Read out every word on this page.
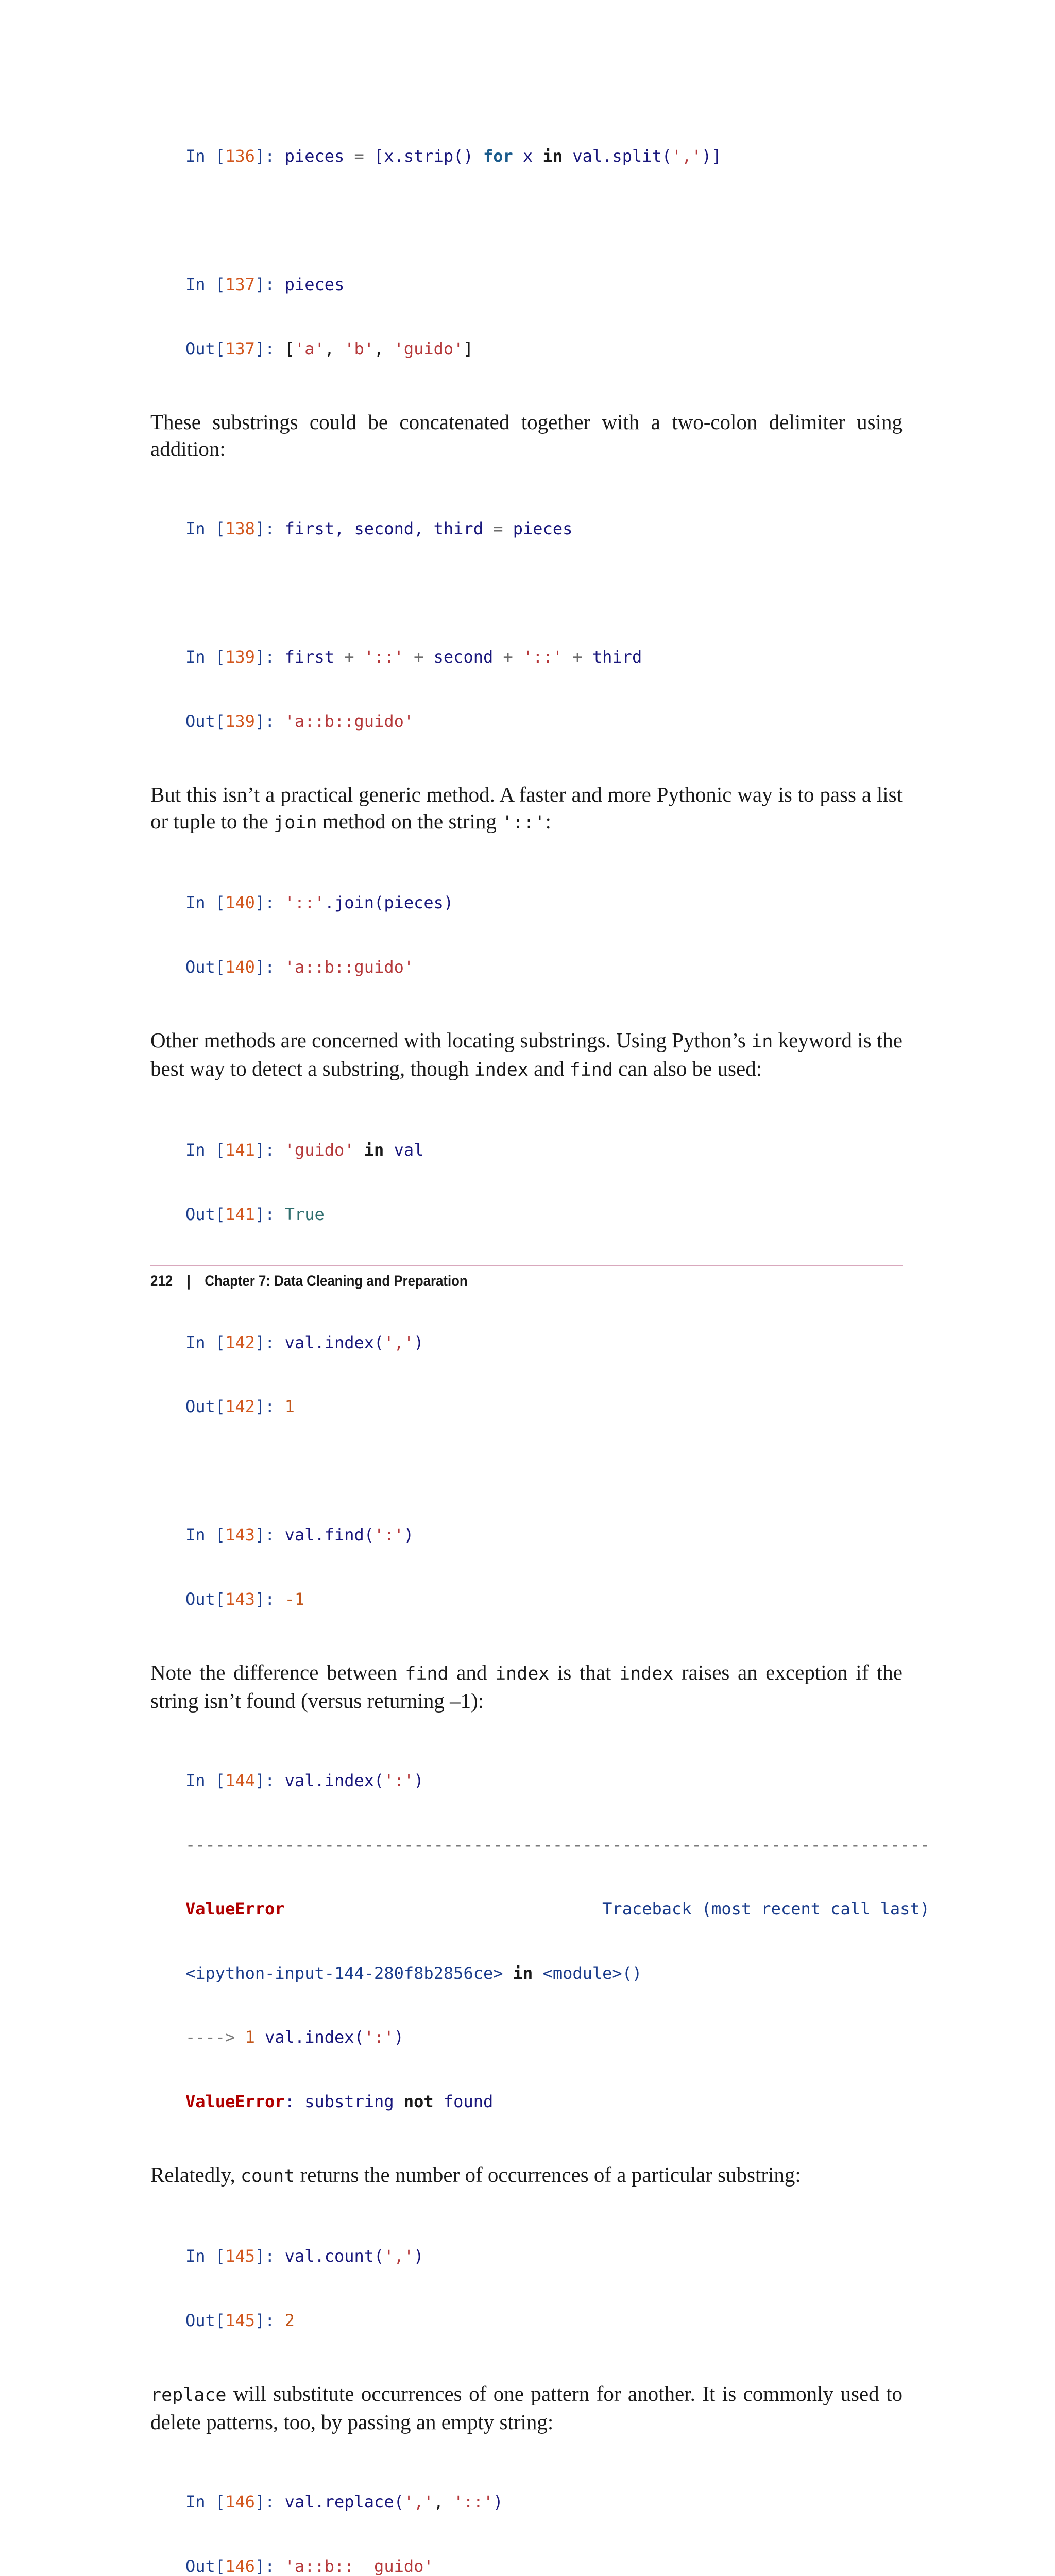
In [136]: pieces = [x.strip() for x in val.split(',')]

In [137]: pieces

Out[137]: ['a', 'b', 'guido']

These substrings could be concatenated together with a two-colon delimiter using addition:

In [138]: first, second, third = pieces

In [139]: first + '::' + second + '::' + third

Out[139]: 'a::b::guido'

But this isn’t a practical generic method. A faster and more Pythonic way is to pass a list or tuple to the join method on the string '::':

In [140]: '::'.join(pieces)

Out[140]: 'a::b::guido'

Other methods are concerned with locating substrings. Using Python’s in keyword is the best way to detect a substring, though index and find can also be used:

In [141]: 'guido' in val

Out[141]: True

In [142]: val.index(',')

Out[142]: 1

In [143]: val.find(':')

Out[143]: -1

Note the difference between find and index is that index raises an exception if the string isn’t found (versus returning –1):

In [144]: val.index(':')

---------------------------------------------------------------------------

ValueError                                Traceback (most recent call last)

<ipython-input-144-280f8b2856ce> in <module>()

----> 1 val.index(':')

ValueError: substring not found

Relatedly, count returns the number of occurrences of a particular substring:

In [145]: val.count(',')

Out[145]: 2

replace will substitute occurrences of one pattern for another. It is commonly used to delete patterns, too, by passing an empty string:

In [146]: val.replace(',', '::')

Out[146]: 'a::b::  guido'

212 | Chapter 7: Data Cleaning and Preparation
